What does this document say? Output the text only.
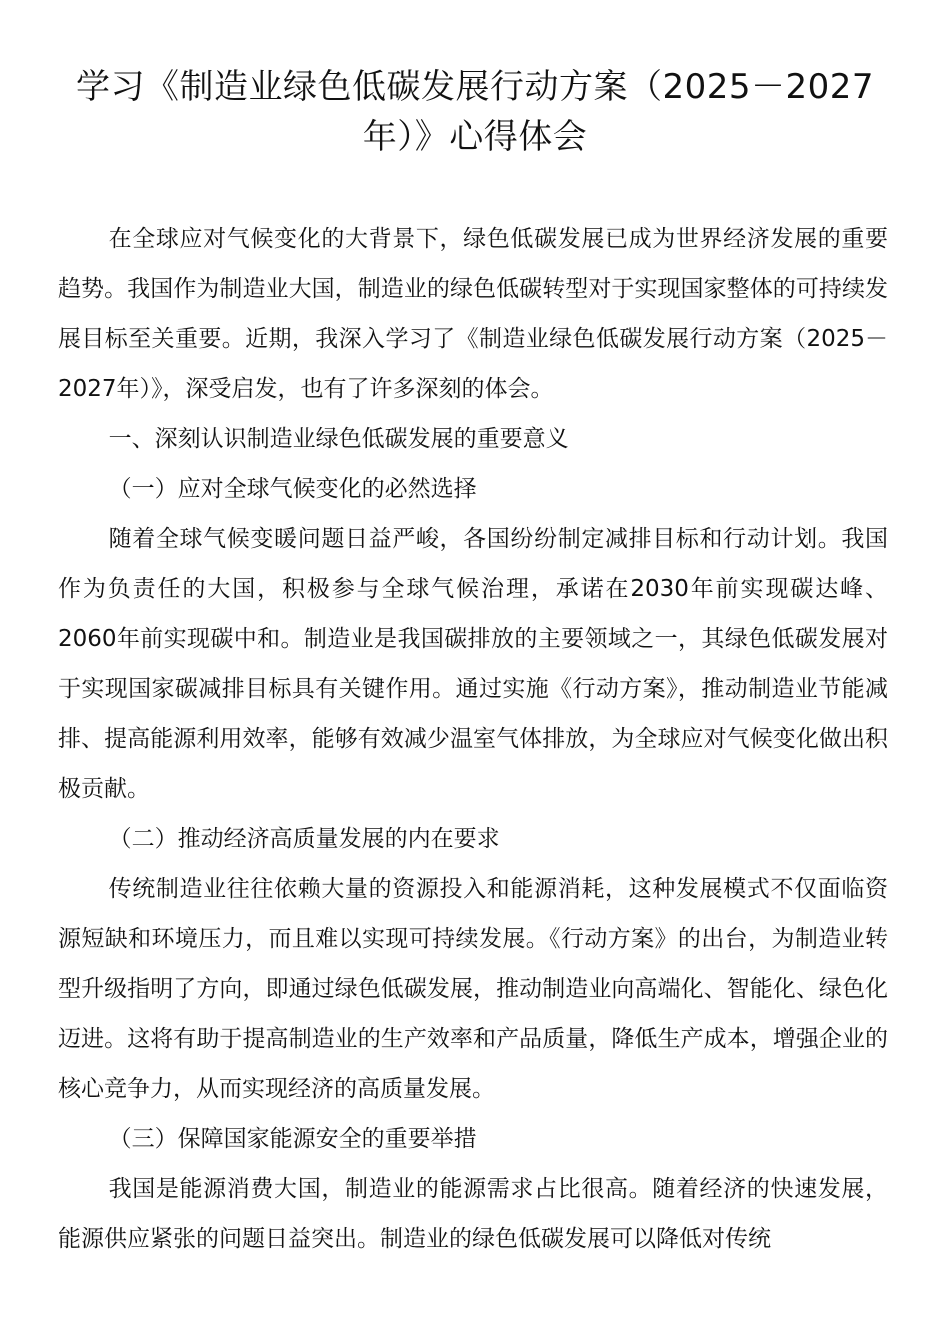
学习《制造业绿色低碳发展行动方案（2025－2027年）》心得体会

在全球应对气候变化的大背景下，绿色低碳发展已成为世界经济发展的重要趋势。我国作为制造业大国，制造业的绿色低碳转型对于实现国家整体的可持续发展目标至关重要。近期，我深入学习了《制造业绿色低碳发展行动方案（2025－2027年）》，深受启发，也有了许多深刻的体会。

一、深刻认识制造业绿色低碳发展的重要意义

（一）应对全球气候变化的必然选择

随着全球气候变暖问题日益严峻，各国纷纷制定减排目标和行动计划。我国作为负责任的大国，积极参与全球气候治理，承诺在2030年前实现碳达峰、2060年前实现碳中和。制造业是我国碳排放的主要领域之一，其绿色低碳发展对于实现国家碳减排目标具有关键作用。通过实施《行动方案》，推动制造业节能减排、提高能源利用效率，能够有效减少温室气体排放，为全球应对气候变化做出积极贡献。

（二）推动经济高质量发展的内在要求

传统制造业往往依赖大量的资源投入和能源消耗，这种发展模式不仅面临资源短缺和环境压力，而且难以实现可持续发展。《行动方案》的出台，为制造业转型升级指明了方向，即通过绿色低碳发展，推动制造业向高端化、智能化、绿色化迈进。这将有助于提高制造业的生产效率和产品质量，降低生产成本，增强企业的核心竞争力，从而实现经济的高质量发展。

（三）保障国家能源安全的重要举措

我国是能源消费大国，制造业的能源需求占比很高。随着经济的快速发展，能源供应紧张的问题日益突出。制造业的绿色低碳发展可以降低对传统
